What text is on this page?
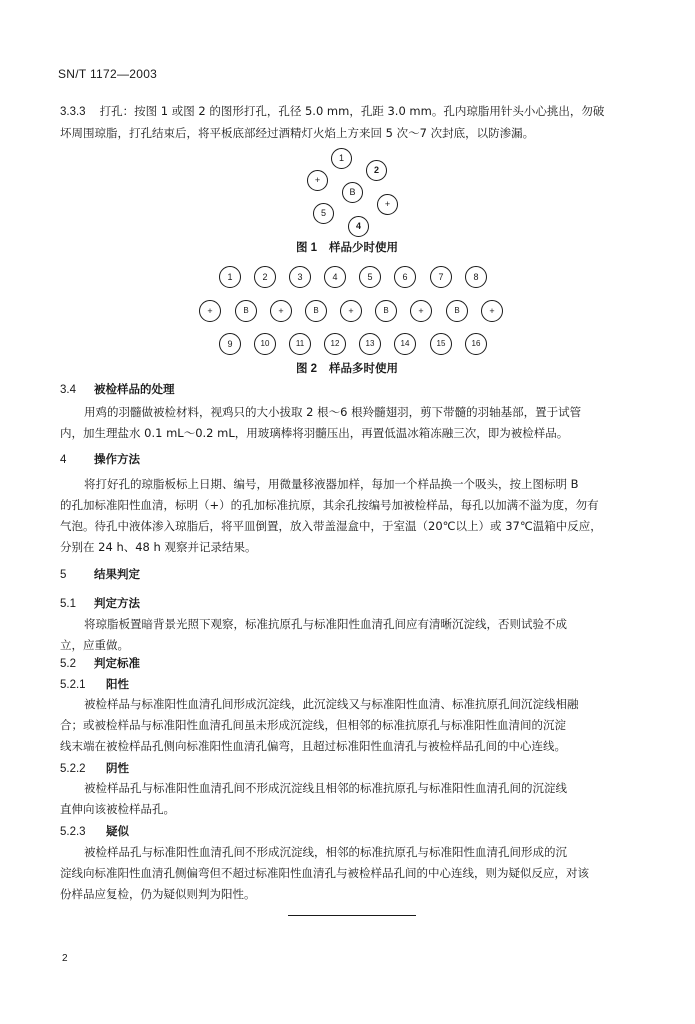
SN/T 1172—2003

3.3.3 打孔：按图 1 或图 2 的图形打孔，孔径 5.0 mm，孔距 3.0 mm。孔内琼脂用针头小心挑出，勿破

坏周围琼脂，打孔结束后，将平板底部经过酒精灯火焰上方来回 5 次～7 次封底，以防渗漏。

1
2
+
B
+
5
4
图 1 样品少时使用
1	2	3	4	5	6	7	8
+	B	+	B	+	B	+	B	+
9	10	11	12	13	14	15	16
图 2 样品多时使用
3.4 被检样品的处理

用鸡的羽髓做被检材料，视鸡只的大小拔取 2 根～6 根羚髓翅羽，剪下带髓的羽轴基部，置于试管

内，加生理盐水 0.1 mL～0.2 mL，用玻璃棒将羽髓压出，再置低温冰箱冻融三次，即为被检样品。

4 操作方法

将打好孔的琼脂板标上日期、编号，用微量移液器加样，每加一个样品换一个吸头，按上图标明 B

的孔加标准阳性血清，标明（+）的孔加标准抗原，其余孔按编号加被检样品，每孔以加满不溢为度，勿有

气泡。待孔中液体渗入琼脂后，将平皿倒置，放入带盖湿盒中，于室温（20℃以上）或 37℃温箱中反应，

分别在 24 h、48 h 观察并记录结果。

5 结果判定
5.1 判定方法

将琼脂板置暗背景光照下观察，标准抗原孔与标准阳性血清孔间应有清晰沉淀线，否则试验不成

立，应重做。

5.2 判定标准
5.2.1 阳性

被检样品与标准阳性血清孔间形成沉淀线，此沉淀线又与标准阳性血清、标准抗原孔间沉淀线相融

合；或被检样品与标准阳性血清孔间虽未形成沉淀线，但相邻的标准抗原孔与标准阳性血清间的沉淀

线末端在被检样品孔侧向标准阳性血清孔偏弯，且超过标准阳性血清孔与被检样品孔间的中心连线。

5.2.2 阴性

被检样品孔与标准阳性血清孔间不形成沉淀线且相邻的标准抗原孔与标准阳性血清孔间的沉淀线

直伸向该被检样品孔。

5.2.3 疑似

被检样品孔与标准阳性血清孔间不形成沉淀线，相邻的标准抗原孔与标准阳性血清孔间形成的沉

淀线向标准阳性血清孔侧偏弯但不超过标准阳性血清孔与被检样品孔间的中心连线，则为疑似反应，对该

份样品应复检，仍为疑似则判为阳性。

2
